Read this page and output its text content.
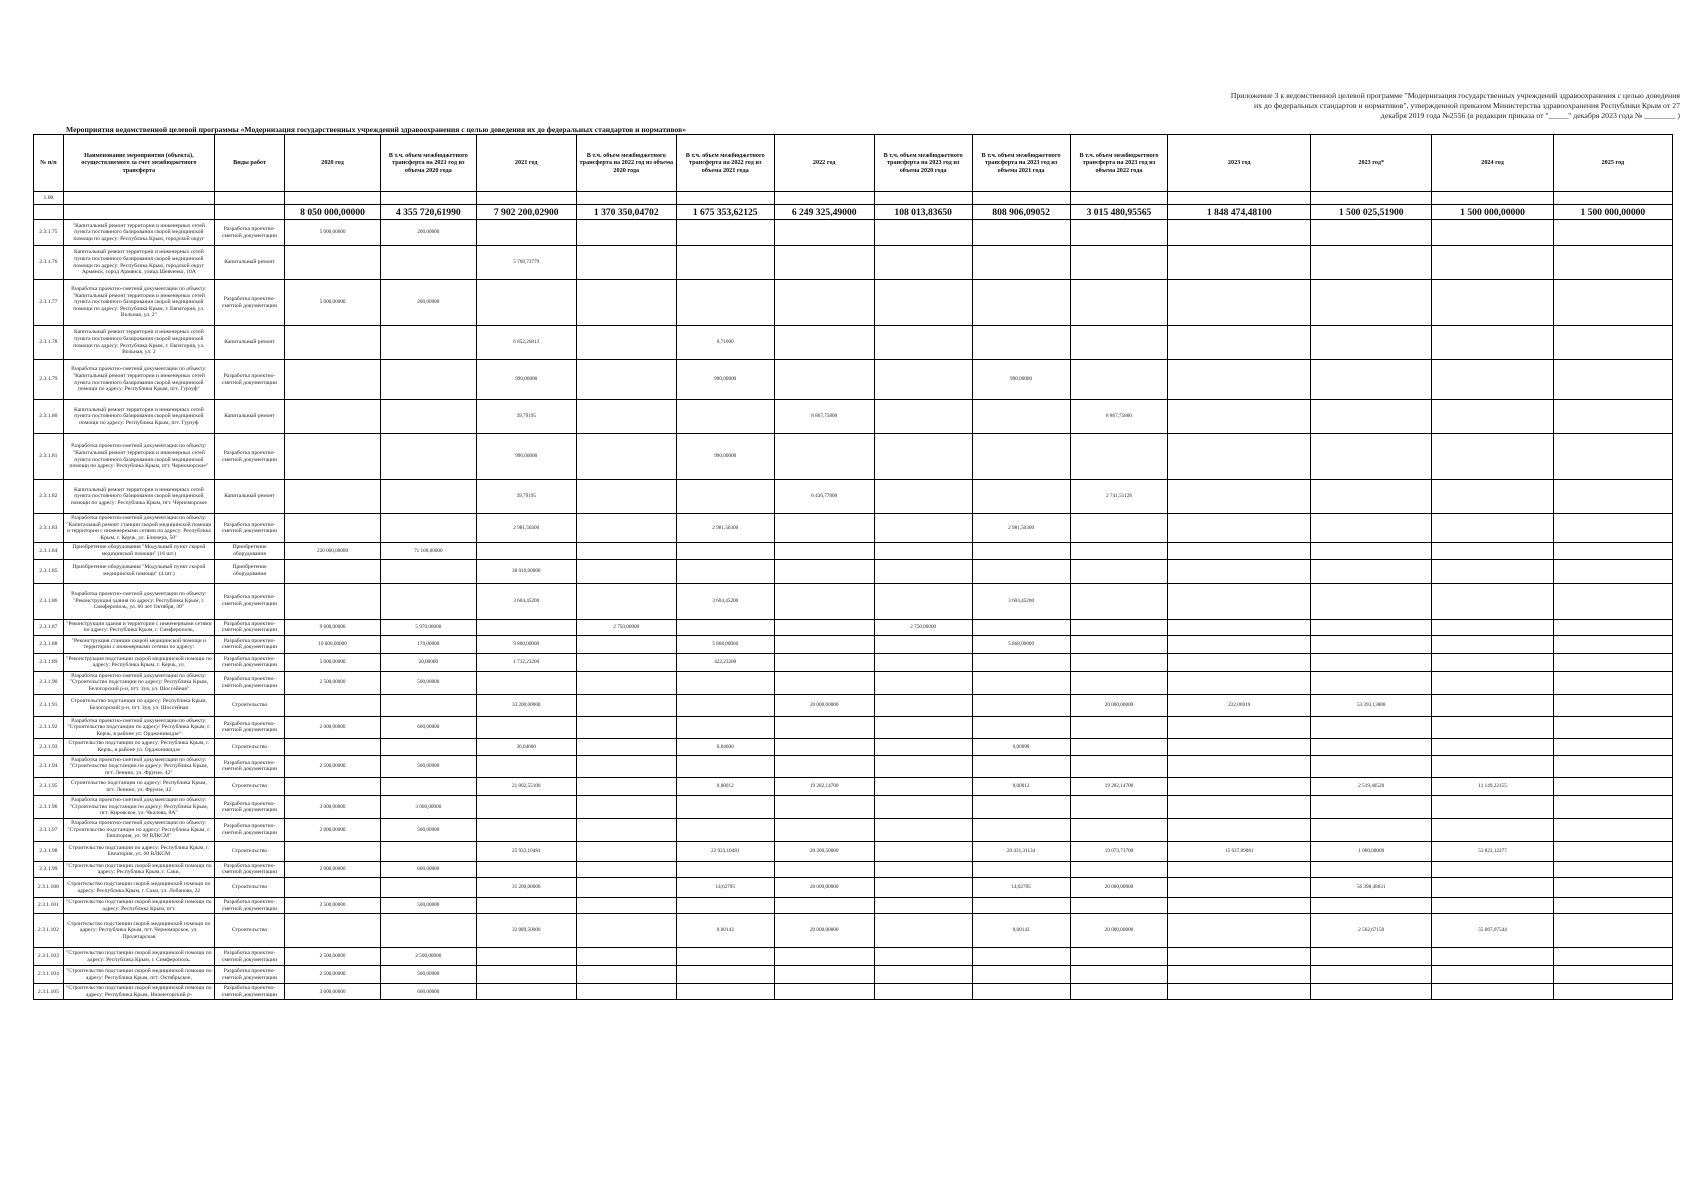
Приложение 3 к ведомственной целевой программе "Модернизация государственных учреждений здравоохранения с целью доведения
их до федеральных стандартов и нормативов", утвержденной приказом Министерства здравоохранения Республики Крым от 27
декабря 2019 года №2556 (в редакции приказа от "_____" декабря 2023 года № ________ )
Мероприятия ведомственной целевой программы «Модернизация государственных учреждений здравоохранения с целью доведения их до федеральных стандартов и нормативов»
№ п/п	Наименование мероприятия (объекта), осуществляемого за счет межбюджетного трансферта	Виды работ	2020 год	В т.ч. объем межбюджетного трансферта на 2021 год из объема 2020 года	2021 год	В т.ч. объем межбюджетного трансферта на 2022 год из объема 2020 года	В т.ч. объем межбюджетного трансферта на 2022 год из объема 2021 года	2022 год	В т.ч. объем межбюджетного трансферта на 2023 год из объема 2020 года	В т.ч. объем межбюджетного трансферта на 2023 год из объема 2021 года	В т.ч. объем межбюджетного трансферта на 2023 год из объема 2022 года	2023 год	2023 год*	2024 год	2025 год
1.00															
			8 050 000,00000	4 355 720,61990	7 902 200,02900	1 370 350,04702	1 675 353,62125	6 249 325,49000	108 013,83650	808 906,09052	3 015 480,95565	1 848 474,48100	1 500 025,51900	1 500 000,00000	1 500 000,00000
2.3.1.75	"Капитальный ремонт территории и инженерных сетей пункта постоянного базирования скорой медицинской помощи по адресу: Республика Крым, городской округ	Разработка проектно-сметной документации	5 000,00000	200,00000											
2.3.1.76	Капитальный ремонт территории и инженерных сетей пункта постоянного базирования скорой медицинской помощи по адресу: Республика Крым, городской округ Армянск, город Армянск, улица Шевченко, 10А	Капитальный ремонт			5 760,73779										
2.3.1.77	Разработка проектно-сметной документации по объекту: "Капитальный ремонт территории и инженерных сетей пункта постоянного базирования скорой медицинской помощи по адресу: Республика Крым, г. Евпатория, ул. Вольная, ул. 2"	Разработка проектно-сметной документации	5 000,00000	200,00000											
2.3.1.78	Капитальный ремонт территории и инженерных сетей пункта постоянного базирования скорой медицинской помощи по адресу: Республика Крым, г. Евпатория, ул. Вольная, ул. 2	Капитальный ремонт			6 852,26813		0,71000								
2.3.1.79	Разработка проектно-сметной документации по объекту: "Капитальный ремонт территории и инженерных сетей пункта постоянного базирования скорой медицинской помощи по адресу: Республика Крым, пгт. Гурзуф"	Разработка проектно-сметной документации			990,00000		990,00000			990,00000					
2.3.1.80	Капитальный ремонт территории и инженерных сетей пункта постоянного базирования скорой медицинской помощи по адресу: Республика Крым, пгт. Гурзуф	Капитальный ремонт			39,79195			8 867,75800			8 867,75800				
2.3.1.81	Разработка проектно-сметной документации по объекту: "Капитальный ремонт территории и инженерных сетей пункта постоянного базирования скорой медицинской помощи по адресу: Республика Крым, пгт. Черноморское"	Разработка проектно-сметной документации			990,00000		990,00000								
2.3.1.82	Капитальный ремонт территории и инженерных сетей пункта постоянного базирования скорой медицинской помощи по адресу: Республика Крым, пгт. Черноморское	Капитальный ремонт			39,79195			6 436,77800			2 741,51128				
2.3.1.83	Разработка проектно-сметной документации по объекту: "Капитальный ремонт станции скорой медицинской помощи и территории с инженерными сетями по адресу: Республика Крым, г. Керчь, ул. Блюхера, 50"	Разработка проектно-сметной документации			2 981,50300		2 981,50300			2 981,50300					
2.3.1.84	Приобретение оборудования "Модульный пункт скорой медицинской помощи" (16 шт.)	Приобретение оборудования	220 000,00000	71 100,00000											
2.3.1.85	Приобретение оборудования "Модульный пункт скорой медицинской помощи" (4 шт.)	Приобретение оборудования			38 010,00000										
2.3.1.86	Разработка проектно-сметной документации по объекту: "Реконструкция здания по адресу: Республика Крым, г. Симферополь, ул. 60 лет Октября, 30"	Разработка проектно-сметной документации			3 604,45200		3 604,45200			3 604,45200					
2.3.1.87	"Реконструкция здания и территории с инженерными сетями по адресу: Республика Крым, г. Симферополь,	Разработка проектно-сметной документации	9 600,00000	5 970,00000		2 750,00000			2 750,00000						
2.3.1.88	"Реконструкция станции скорой медицинской помощи и территории с инженерными сетями по адресу:	Разработка проектно-сметной документации	10 000,00000	170,00000	9 800,00000		5 868,00000			5 868,00000					
2.3.1.89	"Реконструкция подстанции скорой медицинской помощи по адресу: Республика Крым, г. Керчь, ул.	Разработка проектно-сметной документации	5 000,00000	20,00000	1 712,23200		422,23200								
2.3.1.90	Разработка проектно-сметной документации по объекту: "Строительство подстанции по адресу: Республика Крым, Белогорский р-н, пгт. Зуя, ул. Шоссейная"	Разработка проектно-сметной документации	2 500,00000	500,00000											
2.3.1.91	Строительство подстанции по адресу: Республика Крым, Белогорский р-н, пгт. Зуя, ул. Шоссейная	Строительство			33 200,00000			20 000,00000			20 000,00000	222,06919	53 393,13808		
2.3.1.92	Разработка проектно-сметной документации по объекту: "Строительство подстанции по адресу: Республика Крым, г. Керчь, в районе ул. Орджоникидзе"	Разработка проектно-сметной документации	2 000,00000	600,00000											
2.3.1.93	Строительство подстанции по адресу: Республика Крым, г. Керчь, в районе ул. Орджоникидзе	Строительство			36,04600		0,04600			0,00098					
2.3.1.94	Разработка проектно-сметной документации по объекту: "Строительство подстанции по адресу: Республика Крым, пгт. Ленино, ул. Фрунзе, 42"	Разработка проектно-сметной документации	2 500,00000	500,00000											
2.3.1.95	Строительство подстанции по адресу: Республика Крым, пгт. Ленино, ул. Фрунзе, 42	Строительство			21 002,55100		0,00012	19 282,14700		0,00012	19 282,14700		2 519,40520	11 149,22155	
2.3.1.96	Разработка проектно-сметной документации по объекту: "Строительство подстанции по адресу: Республика Крым, пгт. Кировское, ул. Чкалова, 8А"	Разработка проектно-сметной документации	3 000,00000	3 000,00000											
2.3.1.97	Разработка проектно-сметной документации по объекту: "Строительство подстанции по адресу: Республика Крым, г. Евпатория, ул. 60 ВЛКСМ"	Разработка проектно-сметной документации	2 000,00000	500,00000											
2.3.1.98	Строительство подстанции по адресу: Республика Крым, г. Евпатория, ул. 60 ВЛКСМ	Строительство			25 933,10481		22 933,10481	20 300,50000		20 431,31134	19 073,71700	15 637,89081	1 000,00000	53 822,12277	
2.3.1.99	"Строительство подстанции скорой медицинской помощи по адресу: Республика Крым, г. Саки,	Разработка проектно-сметной документации	2 000,00000	600,00000											
2.3.1.100	Строительство подстанции скорой медицинской помощи по адресу: Республика Крым, г. Саки, ул. Лобанова, 22	Строительство			31 200,00000		14,62795	20 000,00000		14,62795	20 000,00000		56 398,48631		
2.3.1.101	"Строительство подстанции скорой медицинской помощи по адресу: Республика Крым, пгт.	Разработка проектно-сметной документации	2 500,00000	500,00000											
2.3.1.102	Строительство подстанции скорой медицинской помощи по адресу: Республика Крым, пгт. Черноморское, ул. Пролетарская	Строительство			32 089,50000		0,00143	20 000,00000		0,00143	20 000,00000		2 562,67150	55 067,07544	
2.3.1.103	"Строительство подстанции скорой медицинской помощи по адресу: Республика Крым, г. Симферополь,	Разработка проектно-сметной документации	2 500,00000	2 500,00000											
2.3.1.104	"Строительство подстанции скорой медицинской помощи по адресу: Республика Крым, пгт. Октябрьское,	Разработка проектно-сметной документации	2 500,00000	500,00000											
2.3.1.105	"Строительство подстанции скорой медицинской помощи по адресу: Республика Крым, Нижнегорский р-	Разработка проектно-сметной документации	3 000,00000	600,00000											
